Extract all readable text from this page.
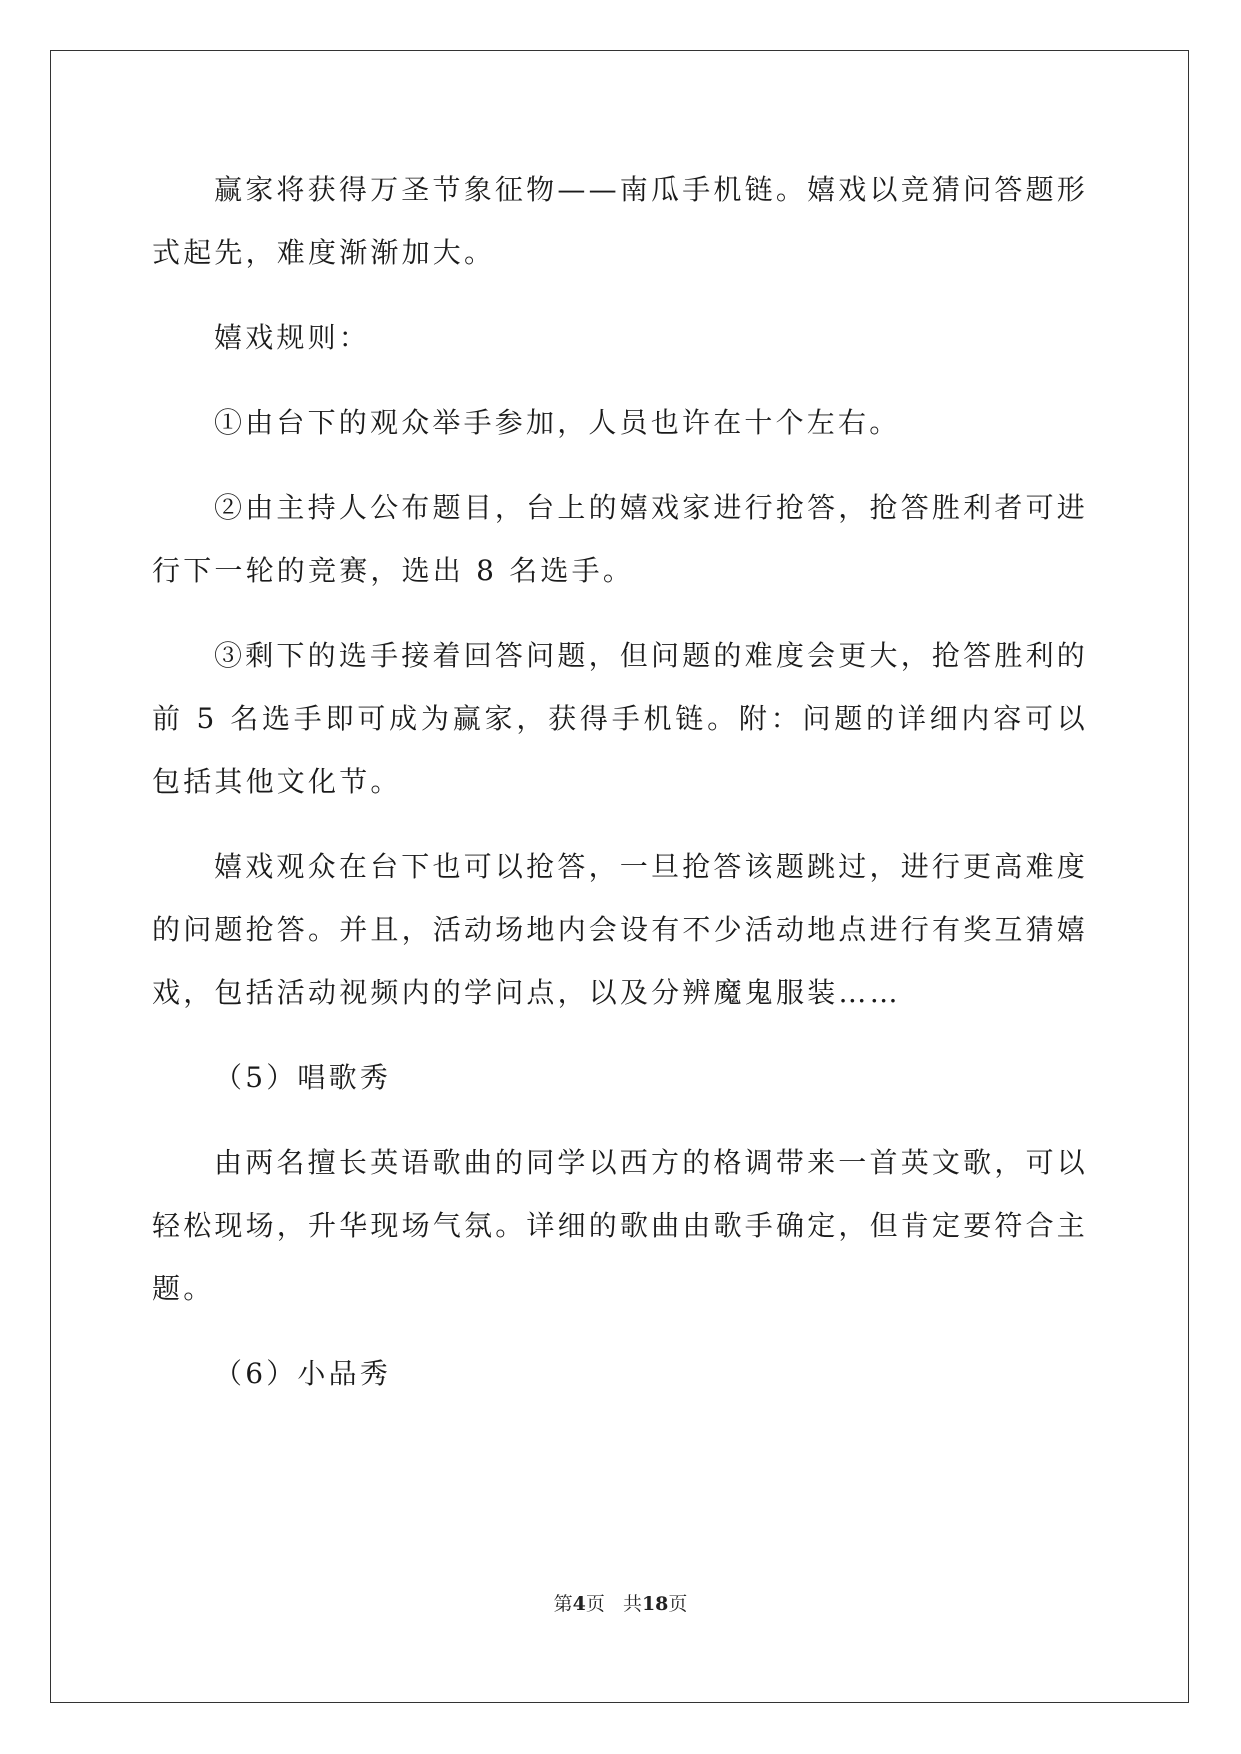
赢家将获得万圣节象征物——南瓜手机链。嬉戏以竞猜问答题形式起先，难度渐渐加大。

嬉戏规则：

①由台下的观众举手参加，人员也许在十个左右。

②由主持人公布题目，台上的嬉戏家进行抢答，抢答胜利者可进行下一轮的竞赛，选出 8 名选手。

③剩下的选手接着回答问题，但问题的难度会更大，抢答胜利的前 5 名选手即可成为赢家，获得手机链。附：问题的详细内容可以包括其他文化节。

嬉戏观众在台下也可以抢答，一旦抢答该题跳过，进行更高难度的问题抢答。并且，活动场地内会设有不少活动地点进行有奖互猜嬉戏，包括活动视频内的学问点，以及分辨魔鬼服装……

（5）唱歌秀

由两名擅长英语歌曲的同学以西方的格调带来一首英文歌，可以轻松现场，升华现场气氛。详细的歌曲由歌手确定，但肯定要符合主题。

（6）小品秀

第4页   共18页
